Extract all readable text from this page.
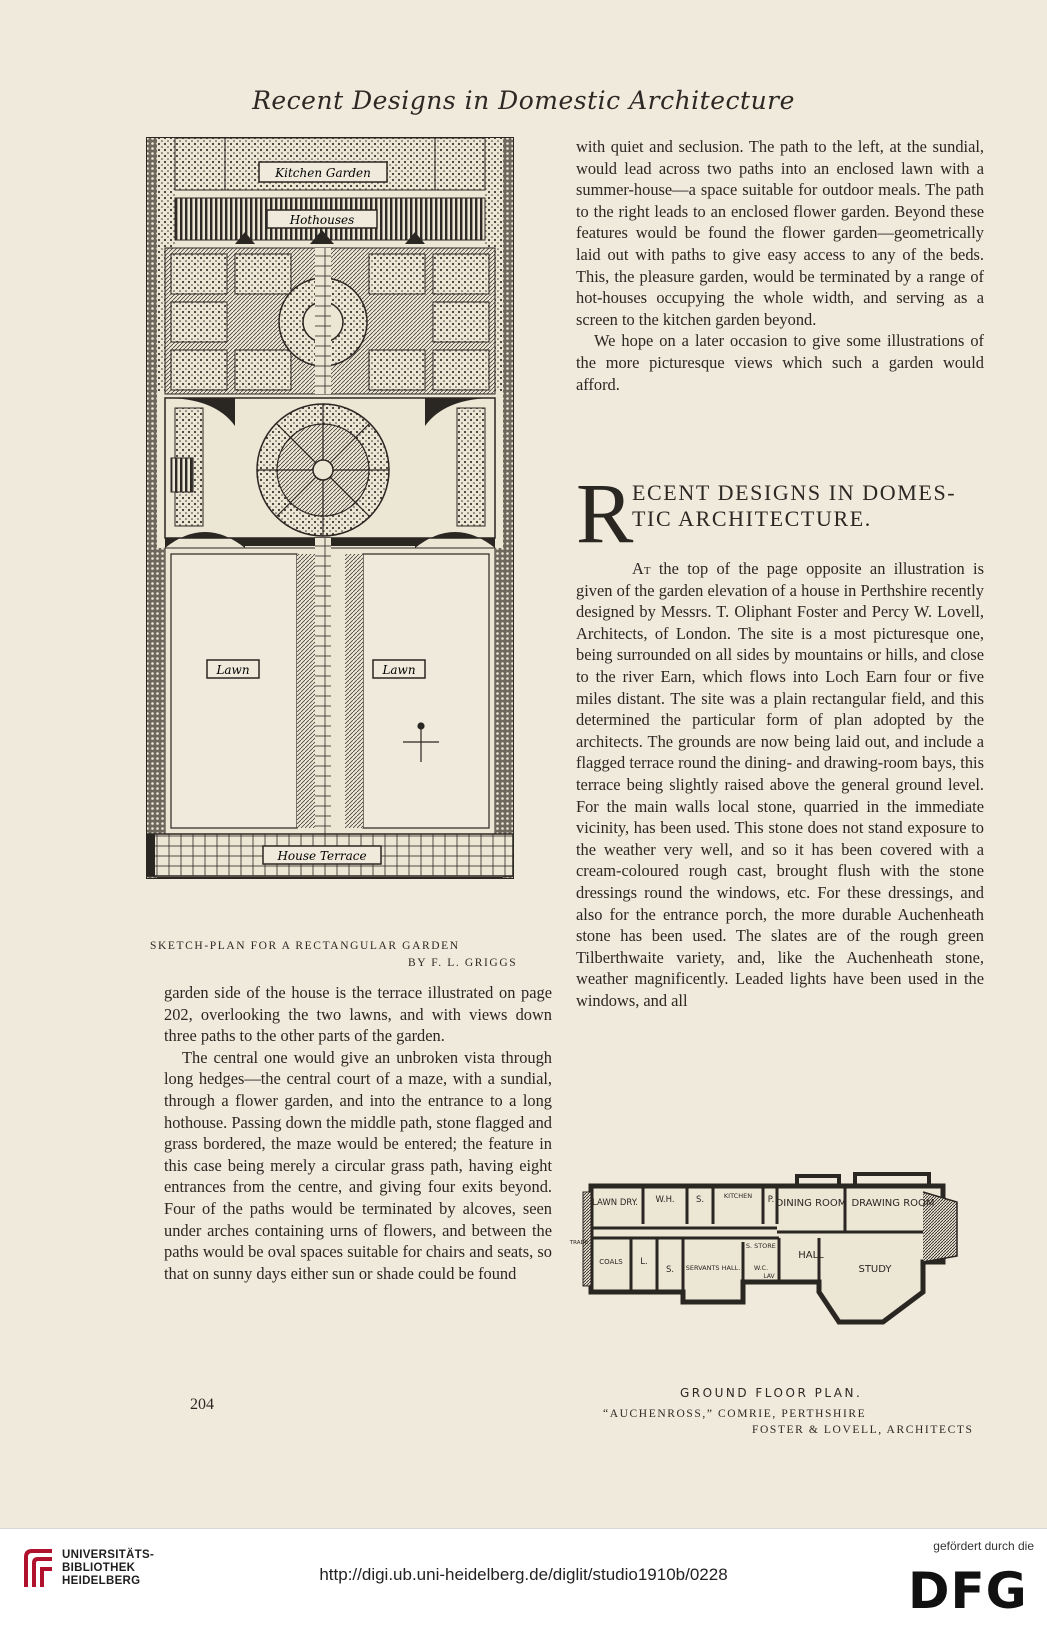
Recent Designs in Domestic Architecture
Kitchen Garden
Hothouses
Lawn	Lawn
House Terrace
SKETCH-PLAN FOR A RECTANGULAR GARDEN
BY F. L. GRIGGS

with quiet and seclusion. The path to the left, at the sundial, would lead across two paths into an enclosed lawn with a summer-house—a space suitable for outdoor meals. The path to the right leads to an enclosed flower garden. Beyond these features would be found the flower garden—geometrically laid out with paths to give easy access to any of the beds. This, the pleasure garden, would be terminated by a range of hot-houses occupying the whole width, and serving as a screen to the kitchen garden beyond.

We hope on a later occasion to give some illustrations of the more picturesque views which such a garden would afford.

R
ECENT DESIGNS IN DOMES-
TIC ARCHITECTURE.

At the top of the page opposite an illustration is given of the garden elevation of a house in Perthshire recently designed by Messrs. T. Oliphant Foster and Percy W. Lovell, Architects, of London. The site is a most picturesque one, being surrounded on all sides by mountains or hills, and close to the river Earn, which flows into Loch Earn four or five miles distant. The site was a plain rectangular field, and this determined the particular form of plan adopted by the architects. The grounds are now being laid out, and include a flagged terrace round the dining- and drawing-room bays, this terrace being slightly raised above the general ground level. For the main walls local stone, quarried in the immediate vicinity, has been used. This stone does not stand exposure to the weather very well, and so it has been covered with a cream-coloured rough cast, brought flush with the stone dressings round the windows, etc. For these dressings, and also for the entrance porch, the more durable Auchenheath stone has been used. The slates are of the rough green Tilberthwaite variety, and, like the Auchenheath stone, weather magnificently. Leaded lights have been used in the windows, and all

garden side of the house is the terrace illustrated on page 202, overlooking the two lawns, and with views down three paths to the other parts of the garden.

The central one would give an unbroken vista through long hedges—the central court of a maze, with a sundial, through a flower garden, and into the entrance to a long hothouse. Passing down the middle path, stone flagged and grass bordered, the maze would be entered; the feature in this case being merely a circular grass path, having eight entrances from the centre, and giving four exits beyond. Four of the paths would be terminated by alcoves, seen under arches containing urns of flowers, and between the paths would be oval spaces suitable for chairs and seats, so that on sunny days either sun or shade could be found

LAWN DRY. W.H.	S.	KITCHEN P. DINING ROOM DRAWING ROOM
TRADE	STORE
S.
HALL
COALS L.
S. SERVANTS HALL. W.C.
LAV
STUDY
GROUND FLOOR PLAN.
“AUCHENROSS,” COMRIE, PERTHSHIRE
FOSTER & LOVELL, ARCHITECTS
204
UNIVERSITÄTS-
BIBLIOTHEK
HEIDELBERG	http://digi.ub.uni-heidelberg.de/diglit/studio1910b/0228
gefördert durch die
DFG
